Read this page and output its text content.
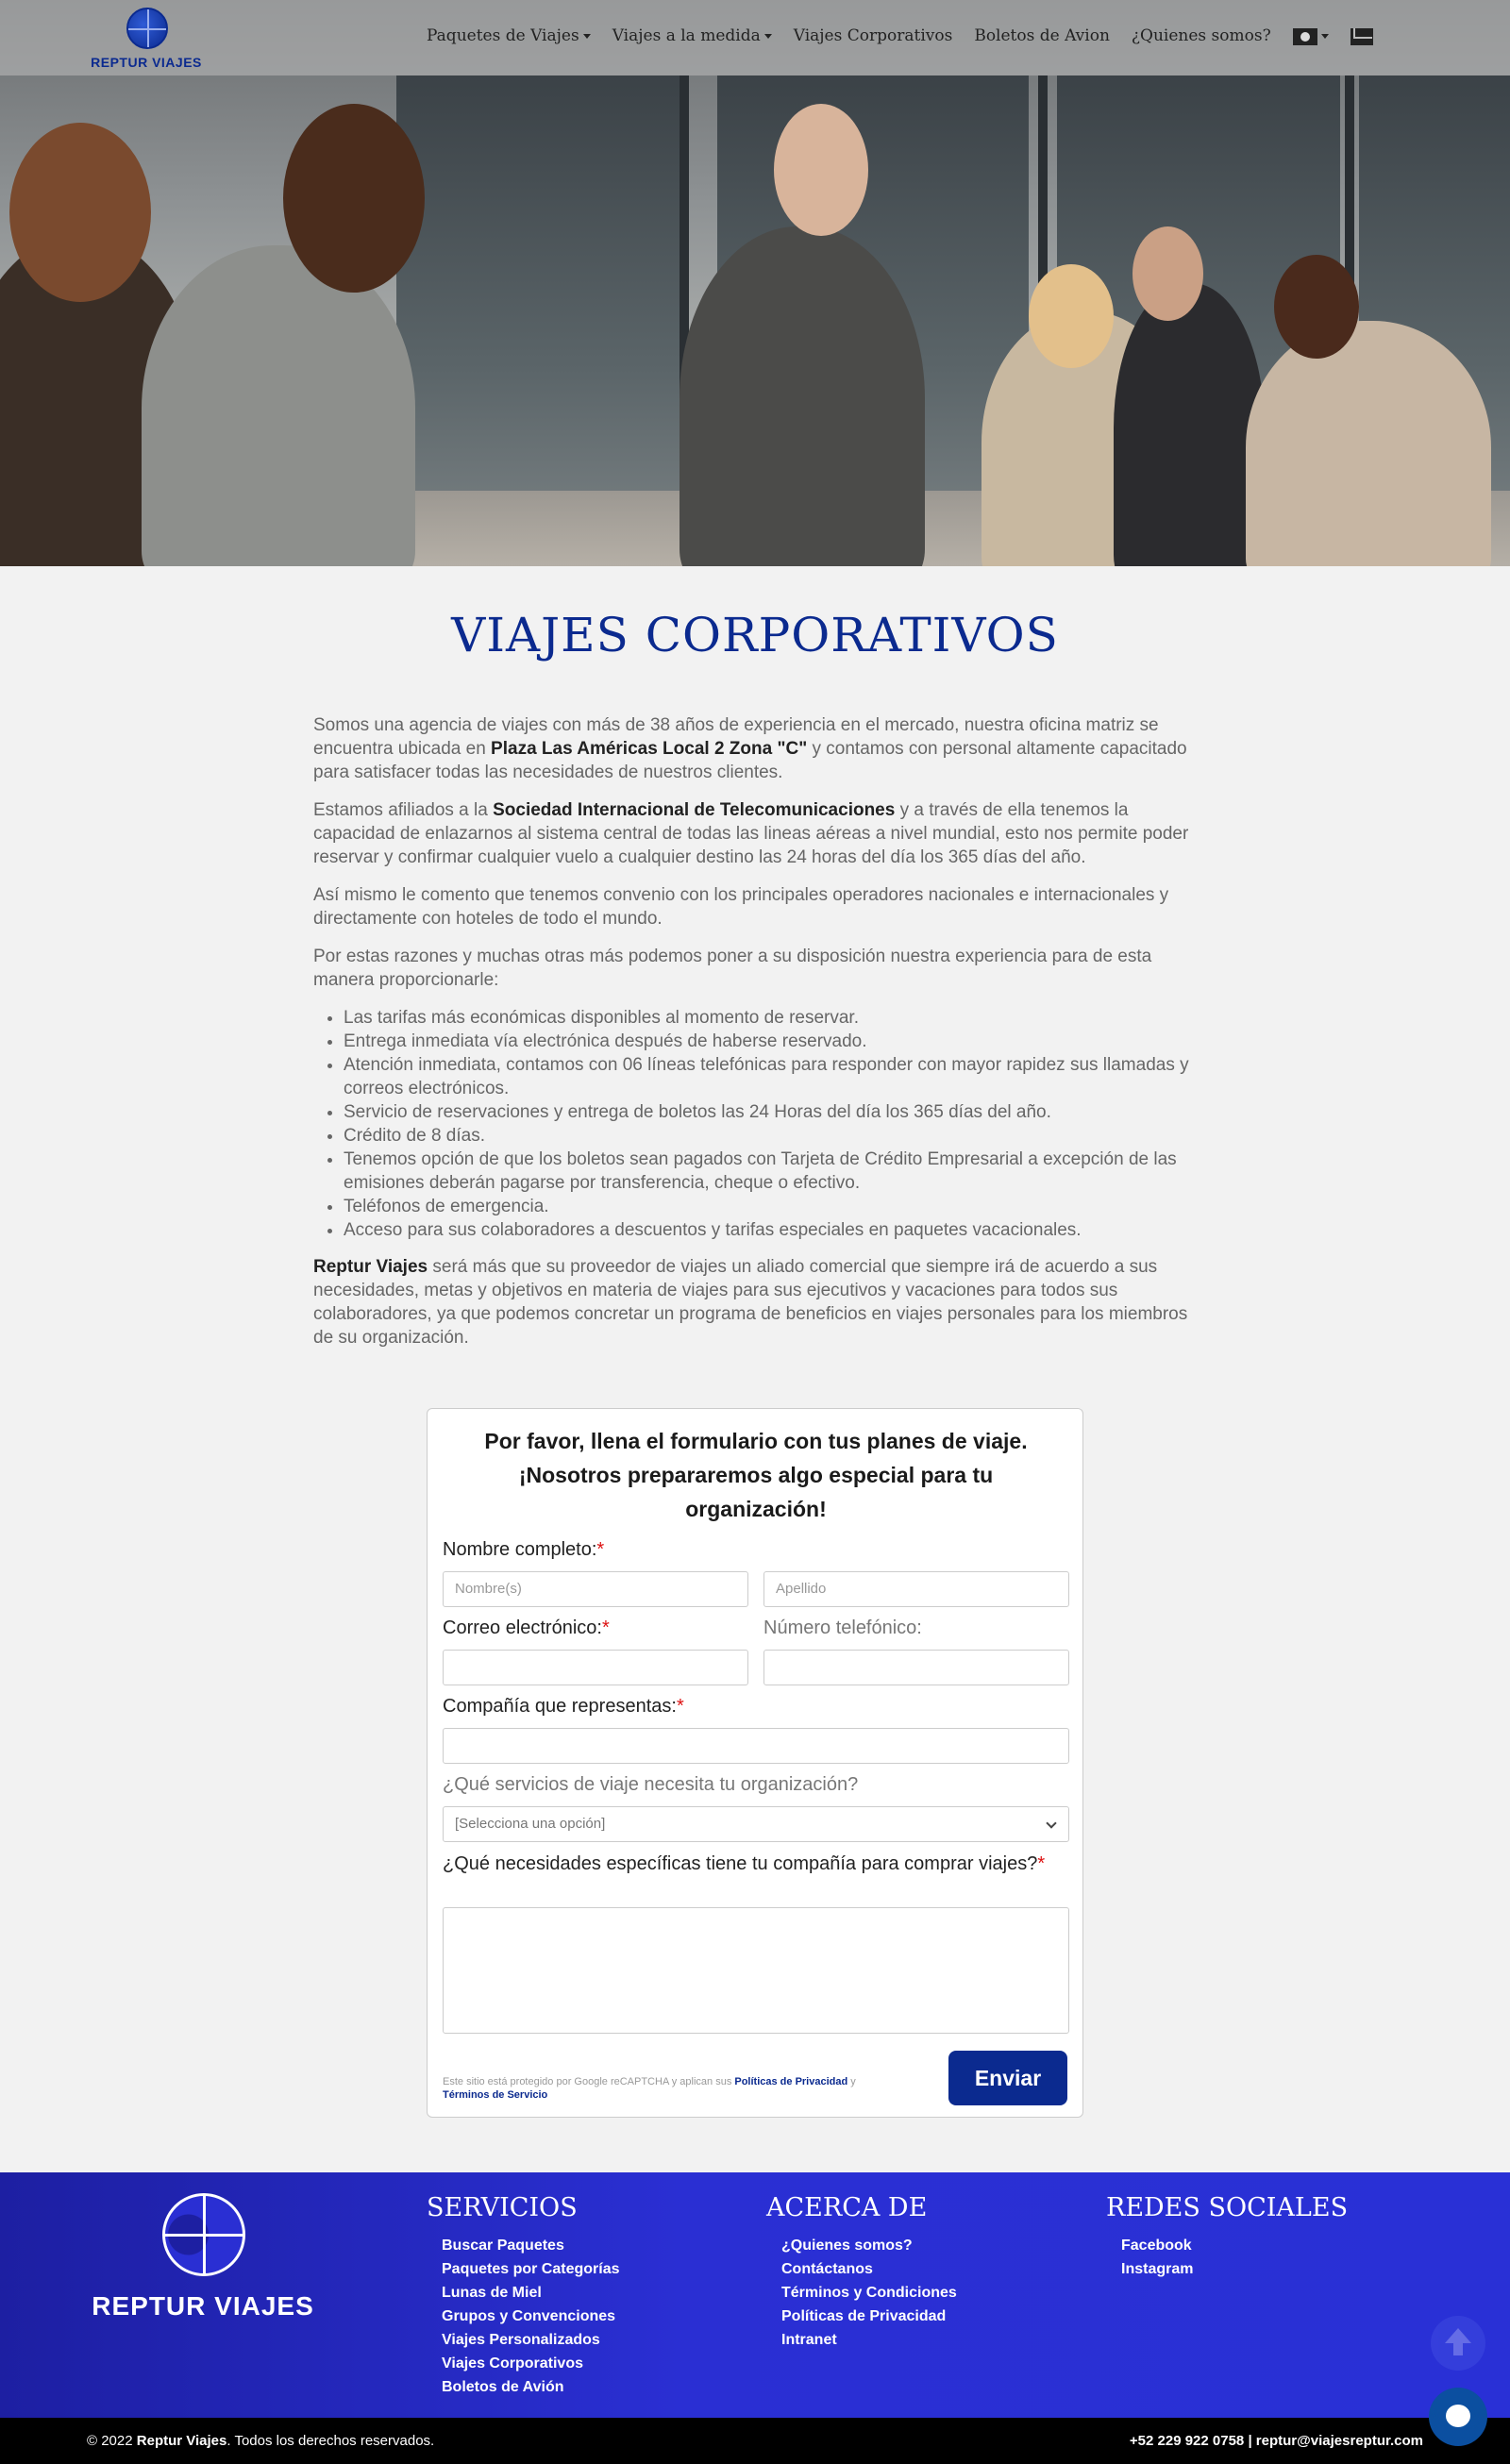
REPTUR VIAJES
Paquetes de Viajes	Viajes a la medida	Viajes Corporativos Boletos de Avion ¿Quienes somos?
VIAJES CORPORATIVOS

Somos una agencia de viajes con más de 38 años de experiencia en el mercado, nuestra oficina matriz se encuentra ubicada en Plaza Las Américas Local 2 Zona "C" y contamos con personal altamente capacitado para satisfacer todas las necesidades de nuestros clientes.

Estamos afiliados a la Sociedad Internacional de Telecomunicaciones y a través de ella tenemos la capacidad de enlazarnos al sistema central de todas las lineas aéreas a nivel mundial, esto nos permite poder reservar y confirmar cualquier vuelo a cualquier destino las 24 horas del día los 365 días del año.

Así mismo le comento que tenemos convenio con los principales operadores nacionales e internacionales y directamente con hoteles de todo el mundo.

Por estas razones y muchas otras más podemos poner a su disposición nuestra experiencia para de esta manera proporcionarle:

• Las tarifas más económicas disponibles al momento de reservar.
• Entrega inmediata vía electrónica después de haberse reservado.
• Atención inmediata, contamos con 06 líneas telefónicas para responder con mayor rapidez sus llamadas y correos electrónicos.
• Servicio de reservaciones y entrega de boletos las 24 Horas del día los 365 días del año.
• Crédito de 8 días.
• Tenemos opción de que los boletos sean pagados con Tarjeta de Crédito Empresarial a excepción de las emisiones deberán pagarse por transferencia, cheque o efectivo.
• Teléfonos de emergencia.
• Acceso para sus colaboradores a descuentos y tarifas especiales en paquetes vacacionales.

Reptur Viajes será más que su proveedor de viajes un aliado comercial que siempre irá de acuerdo a sus necesidades, metas y objetivos en materia de viajes para sus ejecutivos y vacaciones para todos sus colaboradores, ya que podemos concretar un programa de beneficios en viajes personales para los miembros de su organización.

Por favor, llena el formulario con tus planes de viaje. ¡Nosotros prepararemos algo especial para tu organización!
Nombre completo:*
Nombre(s)	Apellido
Correo electrónico:*	Número telefónico:
Compañía que representas:*
¿Qué servicios de viaje necesita tu organización?
[Selecciona una opción]
¿Qué necesidades específicas tiene tu compañía para comprar viajes?*
Este sitio está protegido por Google reCAPTCHA y aplican sus Políticas de Privacidad y Términos de Servicio
Enviar
REPTUR VIAJES
SERVICIOS
Buscar Paquetes
Paquetes por Categorías
Lunas de Miel
Grupos y Convenciones
Viajes Personalizados
Viajes Corporativos
Boletos de Avión
ACERCA DE
¿Quienes somos?
Contáctanos
Términos y Condiciones
Políticas de Privacidad
Intranet
REDES SOCIALES
Facebook
Instagram
© 2022 Reptur Viajes. Todos los derechos reservados.	+52 229 922 0758 | reptur@viajesreptur.com
